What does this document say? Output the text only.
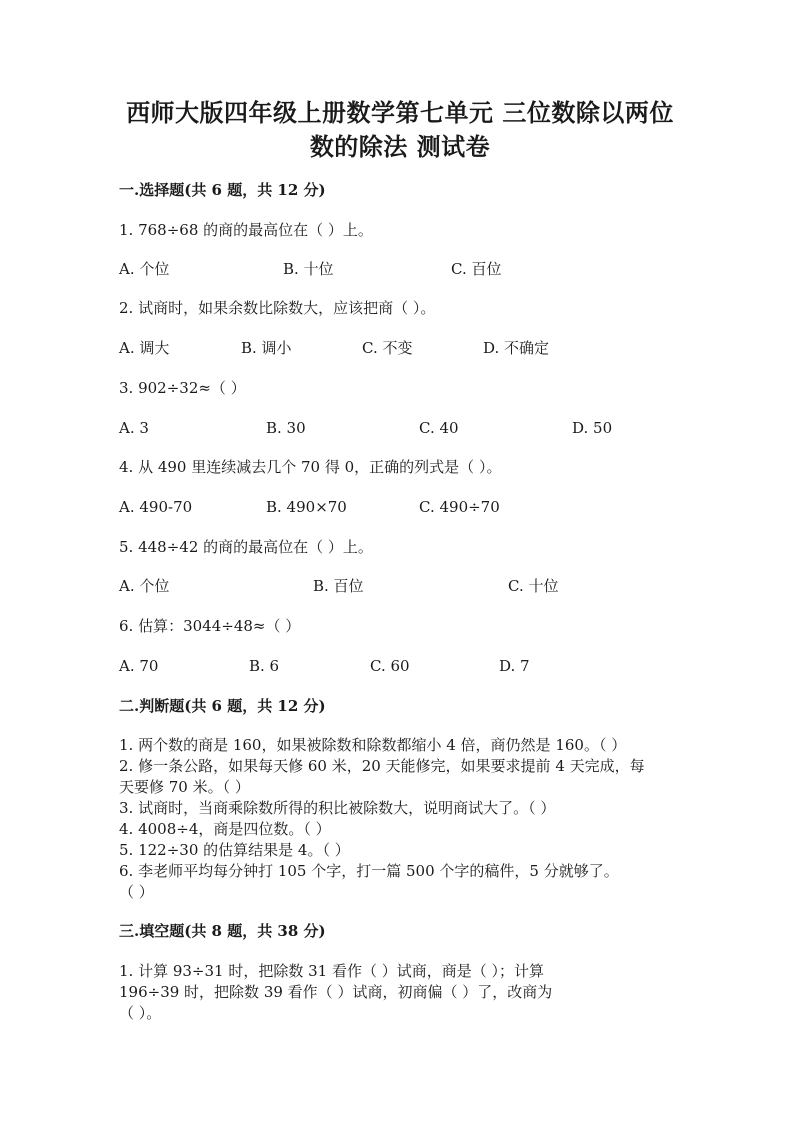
西师大版四年级上册数学第七单元 三位数除以两位
数的除法 测试卷
一.选择题(共 6 题，共 12 分)
1. 768÷68 的商的最高位在（ ）上。
A. 个位	B. 十位	C. 百位
2. 试商时，如果余数比除数大，应该把商（ ）。
A. 调大	B. 调小	C. 不变	D. 不确定
3. 902÷32≈（ ）
A. 3	B. 30	C. 40	D. 50
4. 从 490 里连续减去几个 70 得 0，正确的列式是（ ）。
A. 490-70	B. 490×70	C. 490÷70
5. 448÷42 的商的最高位在（ ）上。
A. 个位	B. 百位	C. 十位
6. 估算：3044÷48≈（ ）
A. 70	B. 6	C. 60	D. 7
二.判断题(共 6 题，共 12 分)
1. 两个数的商是 160，如果被除数和除数都缩小 4 倍，商仍然是 160。（ ）
2. 修一条公路，如果每天修 60 米，20 天能修完，如果要求提前 4 天完成，每
天要修 70 米。（ ）
3. 试商时，当商乘除数所得的积比被除数大，说明商试大了。（ ）
4. 4008÷4，商是四位数。（ ）
5. 122÷30 的估算结果是 4。（ ）
6. 李老师平均每分钟打 105 个字，打一篇 500 个字的稿件，5 分就够了。
（ ）
三.填空题(共 8 题，共 38 分)
1. 计算 93÷31 时，把除数 31 看作（ ）试商，商是（ ）；计算
196÷39 时，把除数 39 看作（ ）试商，初商偏（ ）了，改商为
（ ）。
